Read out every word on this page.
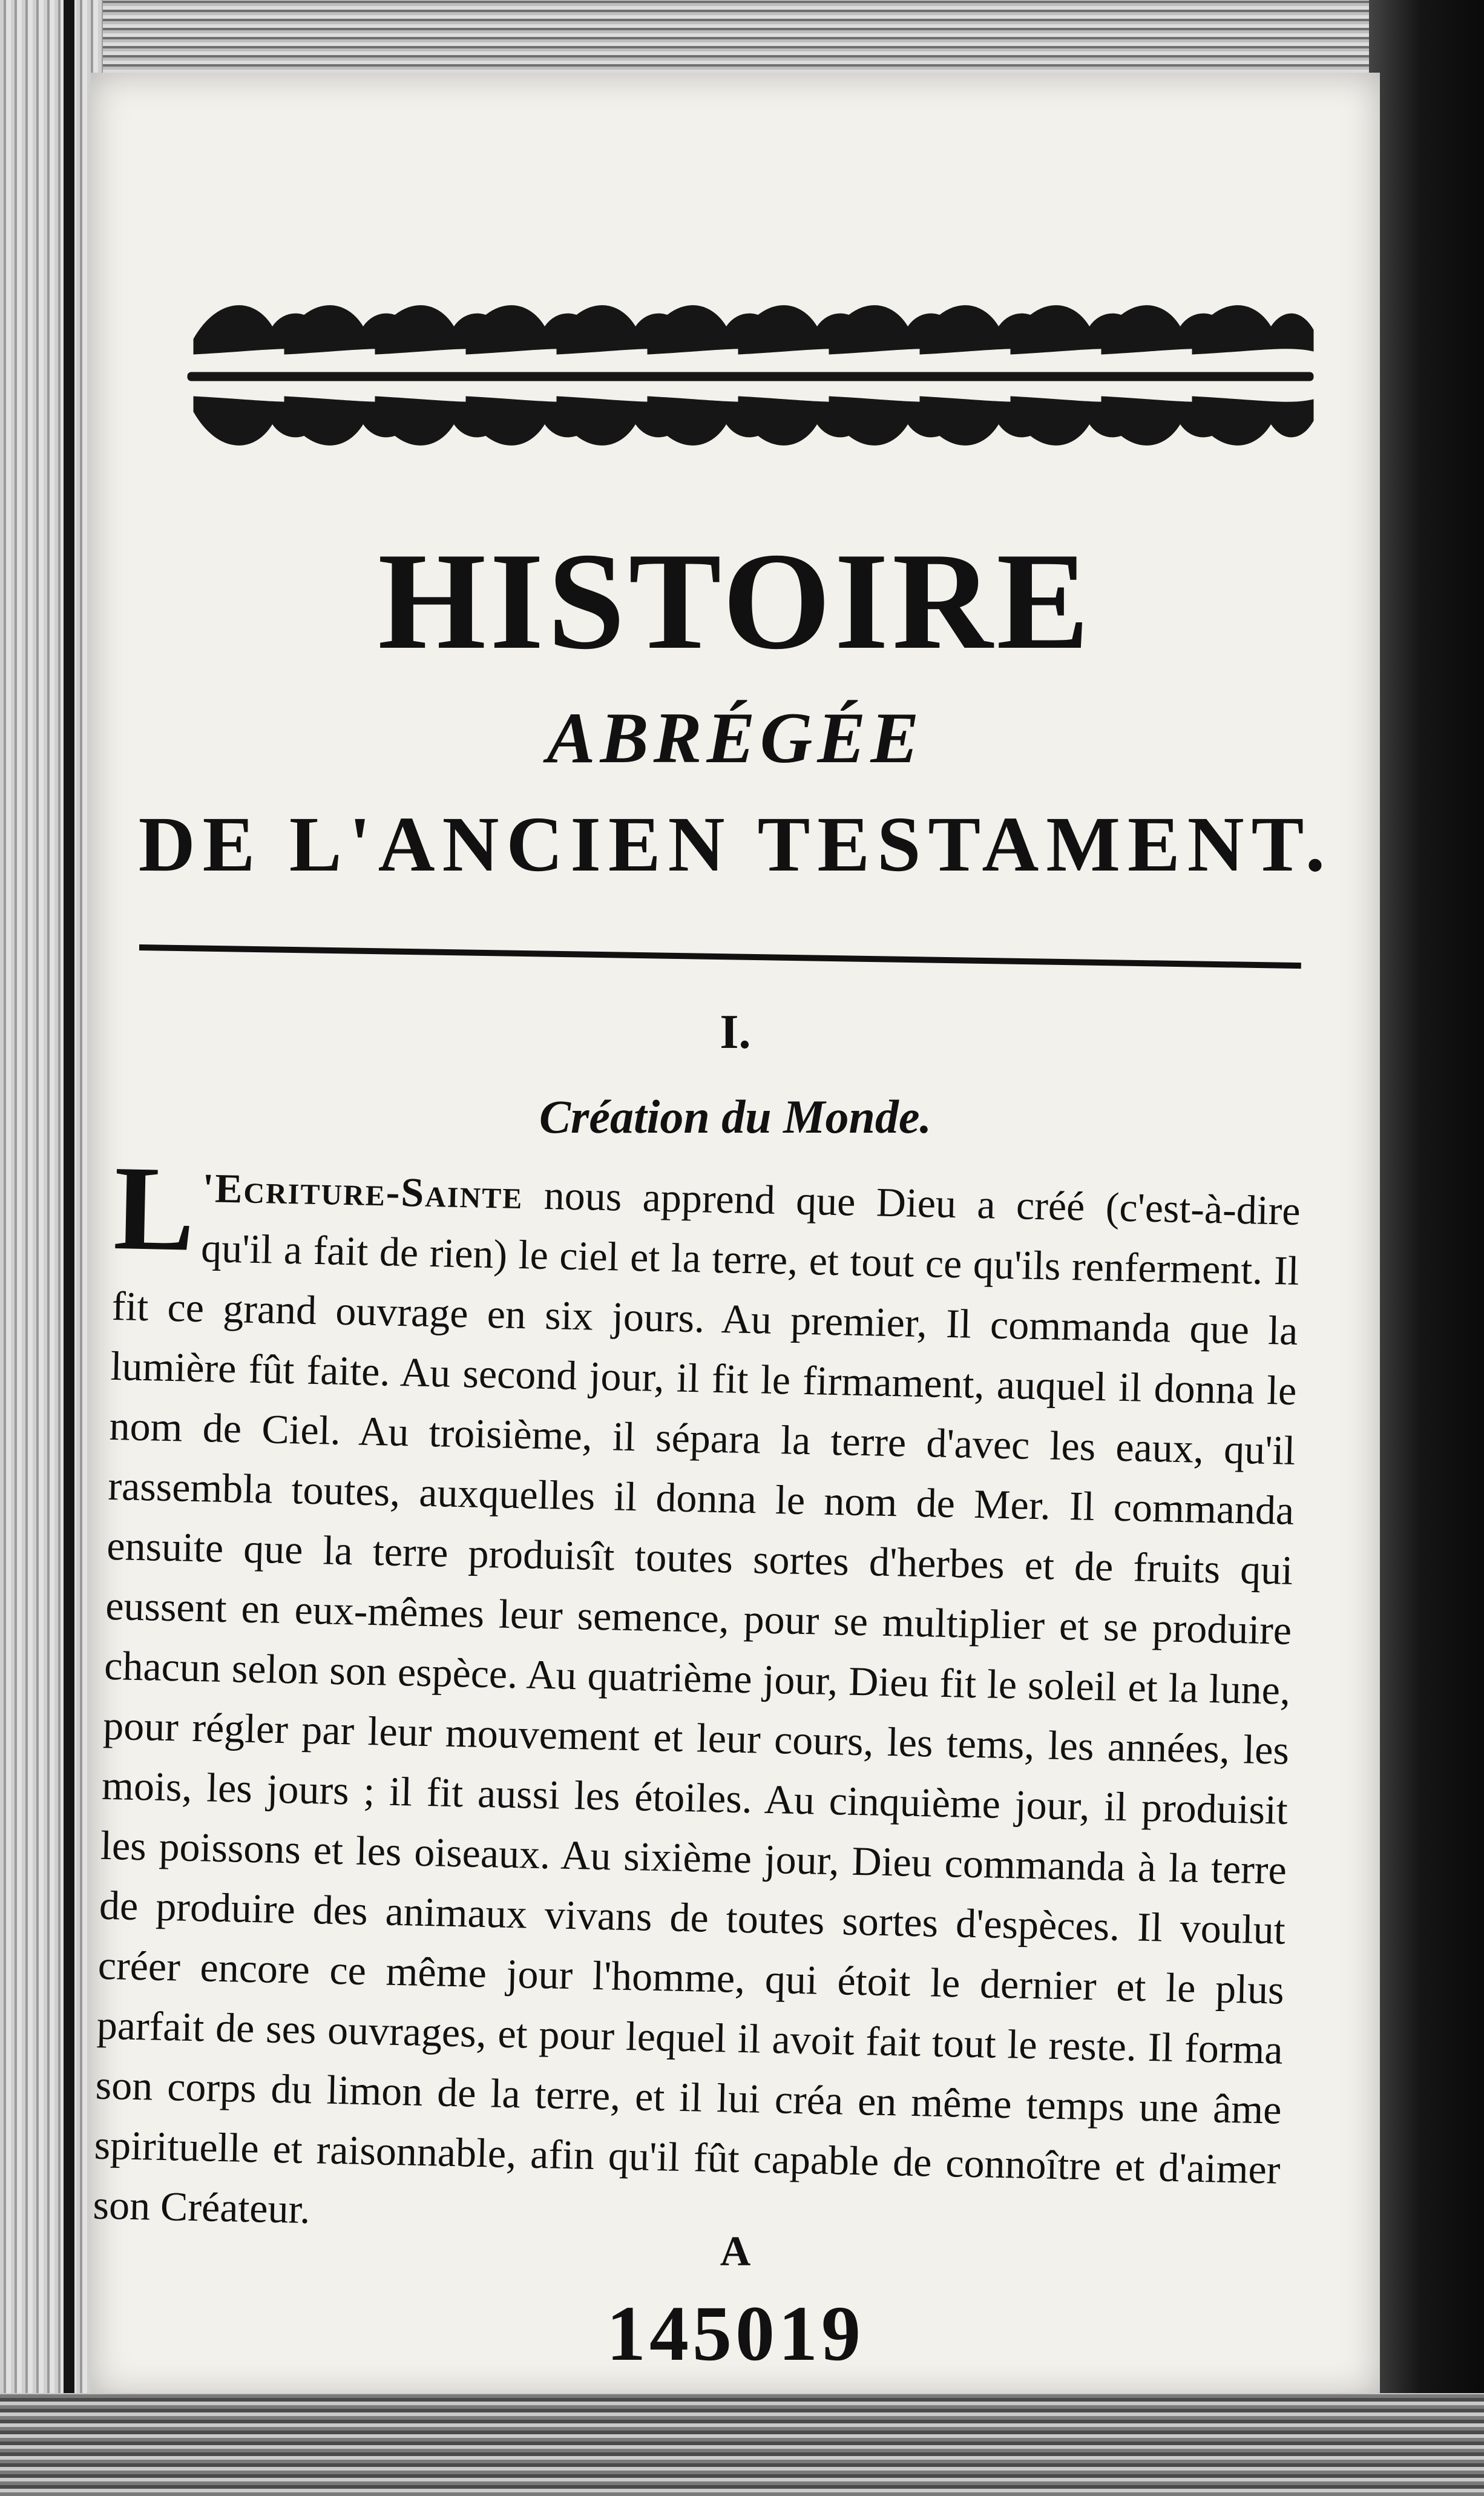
HISTOIRE
ABRÉGÉE
DE L'ANCIEN TESTAMENT.
I.
Création du Monde.
L 'Ecriture-Sainte nous apprend que Dieu a créé (c'est-à-dire qu'il a fait de rien) le ciel et la terre, et tout ce qu'ils renferment. Il fit ce grand ouvrage en six jours. Au premier, Il commanda que la lumière fût faite. Au second jour, il fit le firmament, auquel il donna le nom de Ciel. Au troisième, il sépara la terre d'avec les eaux, qu'il rassembla toutes, auxquelles il donna le nom de Mer. Il commanda ensuite que la terre produisît toutes sortes d'herbes et de fruits qui eussent en eux-mêmes leur semence, pour se multiplier et se produire chacun selon son espèce. Au quatrième jour, Dieu fit le soleil et la lune, pour régler par leur mouvement et leur cours, les tems, les années, les mois, les jours ; il fit aussi les étoiles. Au cinquième jour, il produisit les poissons et les oiseaux. Au sixième jour, Dieu commanda à la terre de produire des animaux vivans de toutes sortes d'espèces. Il voulut créer encore ce même jour l'homme, qui étoit le dernier et le plus parfait de ses ouvrages, et pour lequel il avoit fait tout le reste. Il forma son corps du limon de la terre, et il lui créa en même temps une âme spirituelle et raisonnable, afin qu'il fût capable de connoître et d'aimer son Créateur.
A
145019
